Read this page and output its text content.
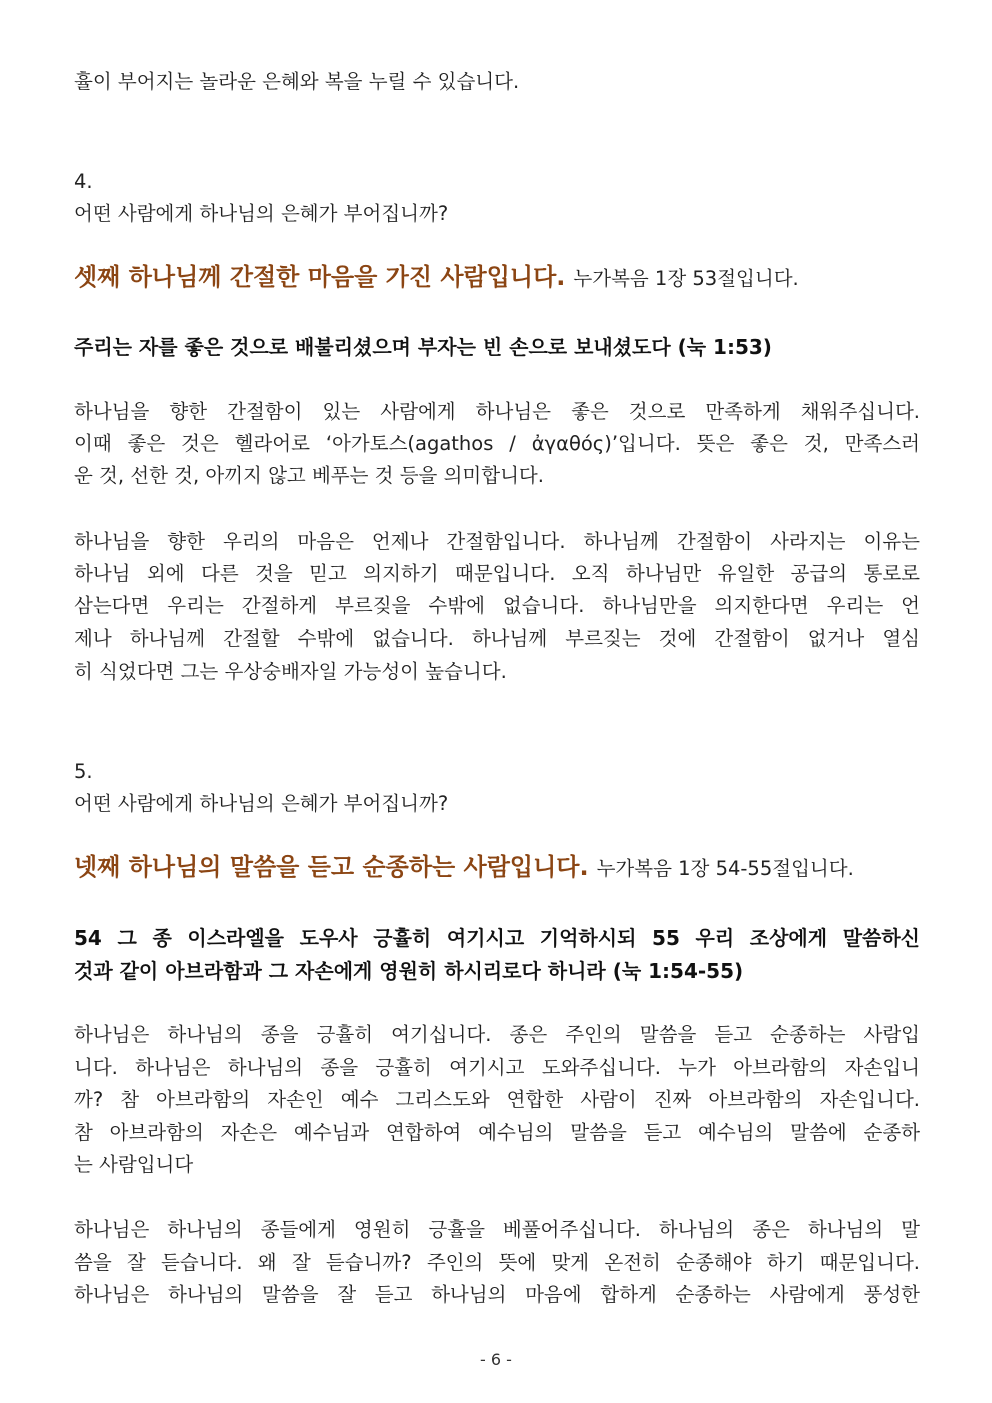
휼이 부어지는 놀라운 은혜와 복을 누릴 수 있습니다.
4.
어떤 사람에게 하나님의 은혜가 부어집니까?
셋째 하나님께 간절한 마음을 가진 사람입니다. 누가복음 1장 53절입니다.
주리는 자를 좋은 것으로 배불리셨으며 부자는 빈 손으로 보내셨도다 (눅 1:53)
하나님을 향한 간절함이 있는 사람에게 하나님은 좋은 것으로 만족하게 채워주십니다.
이때 좋은 것은 헬라어로 ‘아가토스(agathos / ἀγαθός)’입니다. 뜻은 좋은 것, 만족스러
운 것, 선한 것, 아끼지 않고 베푸는 것 등을 의미합니다.
하나님을 향한 우리의 마음은 언제나 간절함입니다. 하나님께 간절함이 사라지는 이유는
하나님 외에 다른 것을 믿고 의지하기 때문입니다. 오직 하나님만 유일한 공급의 통로로
삼는다면 우리는 간절하게 부르짖을 수밖에 없습니다. 하나님만을 의지한다면 우리는 언
제나 하나님께 간절할 수밖에 없습니다. 하나님께 부르짖는 것에 간절함이 없거나 열심
히 식었다면 그는 우상숭배자일 가능성이 높습니다.
5.
어떤 사람에게 하나님의 은혜가 부어집니까?
넷째 하나님의 말씀을 듣고 순종하는 사람입니다. 누가복음 1장 54-55절입니다.
54 그 종 이스라엘을 도우사 긍휼히 여기시고 기억하시되 55 우리 조상에게 말씀하신
것과 같이 아브라함과 그 자손에게 영원히 하시리로다 하니라 (눅 1:54-55)
하나님은 하나님의 종을 긍휼히 여기십니다. 종은 주인의 말씀을 듣고 순종하는 사람입
니다. 하나님은 하나님의 종을 긍휼히 여기시고 도와주십니다. 누가 아브라함의 자손입니
까? 참 아브라함의 자손인 예수 그리스도와 연합한 사람이 진짜 아브라함의 자손입니다.
참 아브라함의 자손은 예수님과 연합하여 예수님의 말씀을 듣고 예수님의 말씀에 순종하
는 사람입니다
하나님은 하나님의 종들에게 영원히 긍휼을 베풀어주십니다. 하나님의 종은 하나님의 말
씀을 잘 듣습니다. 왜 잘 듣습니까? 주인의 뜻에 맞게 온전히 순종해야 하기 때문입니다.
하나님은 하나님의 말씀을 잘 듣고 하나님의 마음에 합하게 순종하는 사람에게 풍성한
- 6 -
